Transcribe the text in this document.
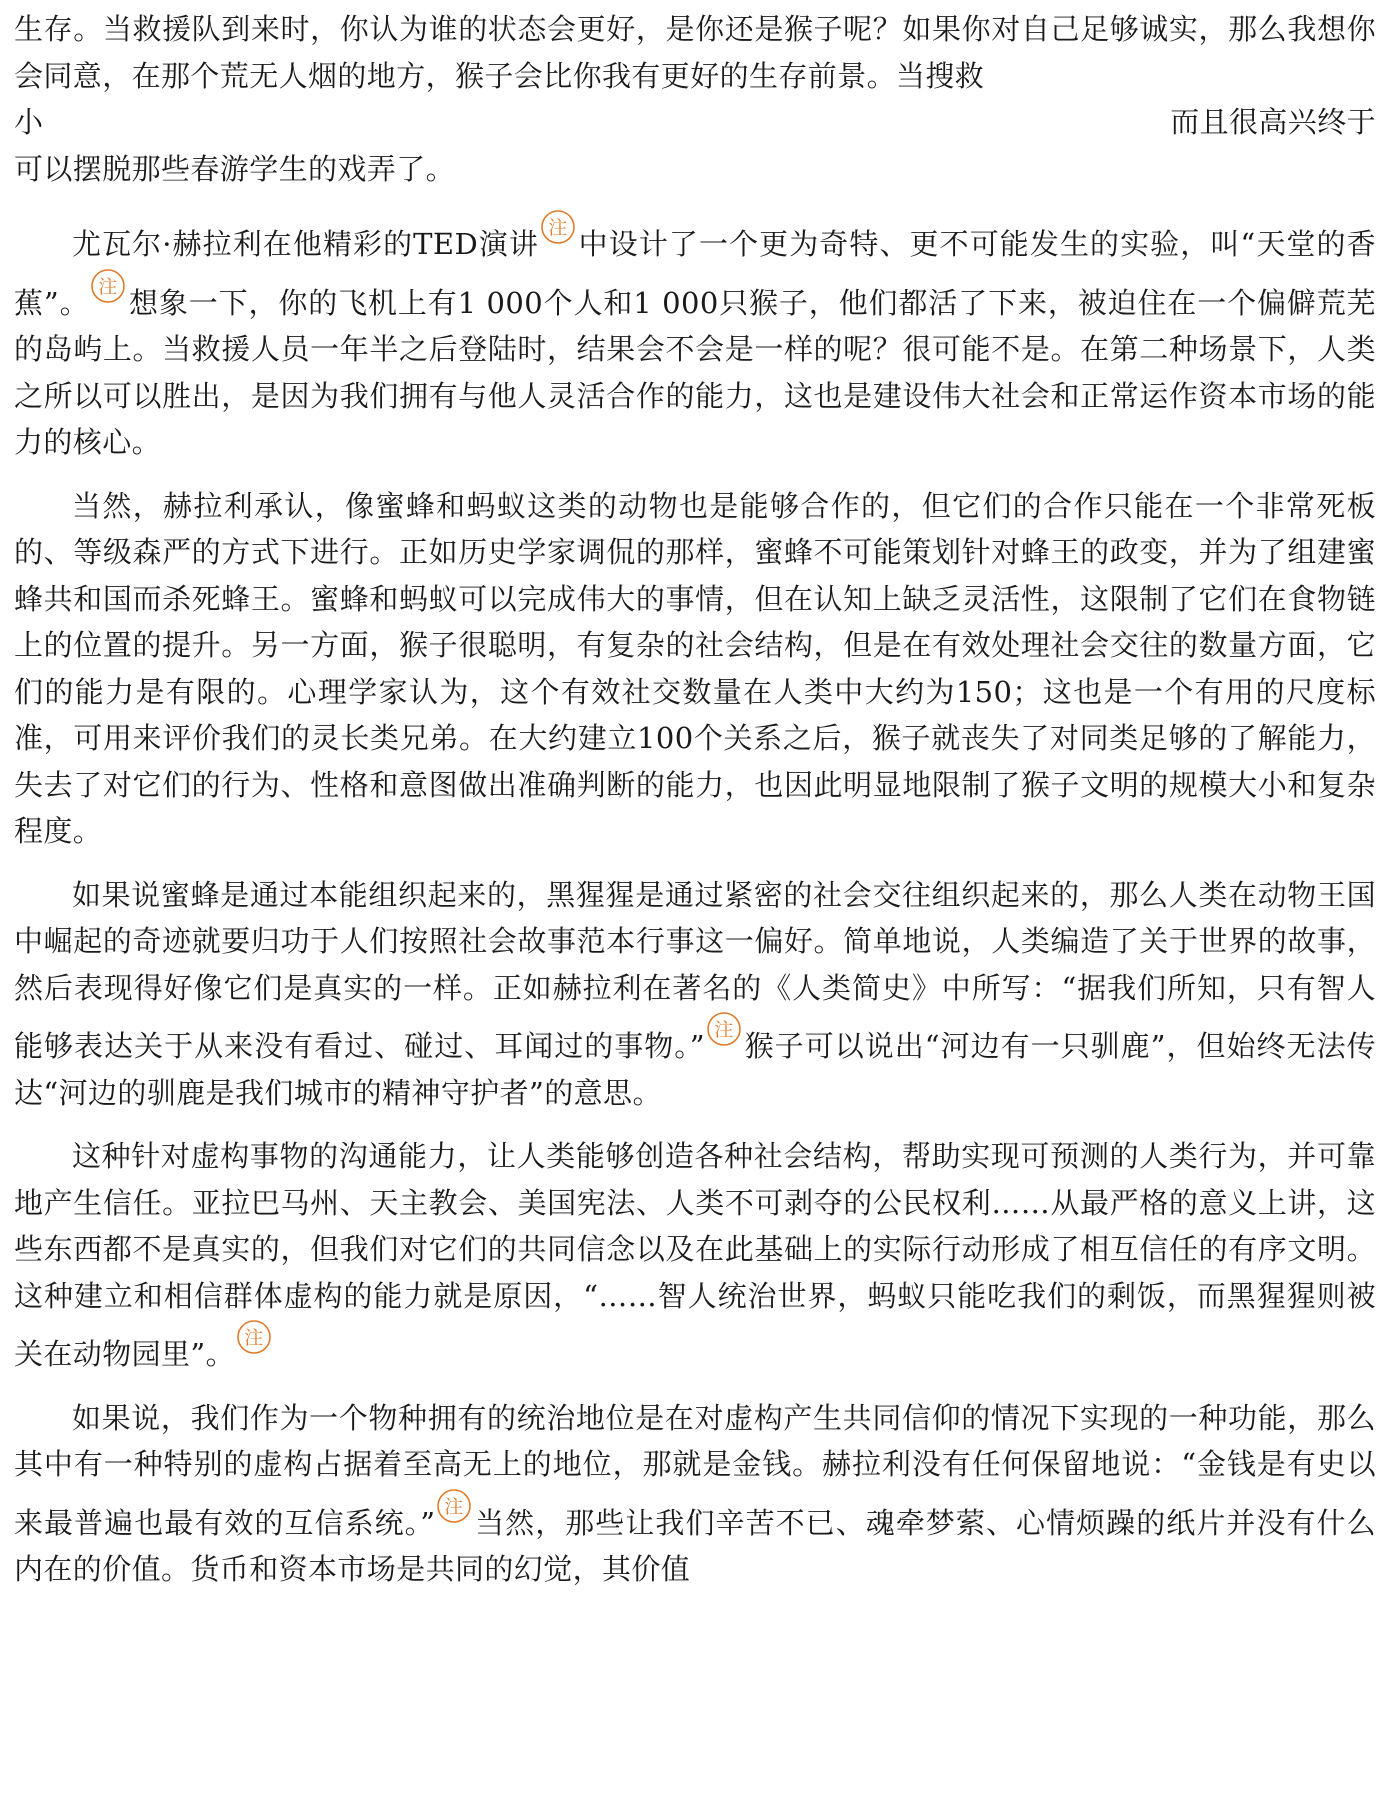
生存。当救援队到来时，你认为谁的状态会更好，是你还是猴子呢？如果你对自己足够诚实，那么我想你会同意，在那个荒无人烟的地方，猴子会比你我有更好的生存前景。当搜救
小	而且很高兴终于
可以摆脱那些春游学生的戏弄了。

尤瓦尔·赫拉利在他精彩的TED演讲 注 中设计了一个更为奇特、更不可能发生的实验，叫“天堂的香蕉”。 注 想象一下，你的飞机上有1 000个人和1 000只猴子，他们都活了下来，被迫住在一个偏僻荒芜的岛屿上。当救援人员一年半之后登陆时，结果会不会是一样的呢？很可能不是。在第二种场景下，人类之所以可以胜出，是因为我们拥有与他人灵活合作的能力，这也是建设伟大社会和正常运作资本市场的能力的核心。

当然，赫拉利承认，像蜜蜂和蚂蚁这类的动物也是能够合作的，但它们的合作只能在一个非常死板的、等级森严的方式下进行。正如历史学家调侃的那样，蜜蜂不可能策划针对蜂王的政变，并为了组建蜜蜂共和国而杀死蜂王。蜜蜂和蚂蚁可以完成伟大的事情，但在认知上缺乏灵活性，这限制了它们在食物链上的位置的提升。另一方面，猴子很聪明，有复杂的社会结构，但是在有效处理社会交往的数量方面，它们的能力是有限的。心理学家认为，这个有效社交数量在人类中大约为150；这也是一个有用的尺度标准，可用来评价我们的灵长类兄弟。在大约建立100个关系之后，猴子就丧失了对同类足够的了解能力，失去了对它们的行为、性格和意图做出准确判断的能力，也因此明显地限制了猴子文明的规模大小和复杂程度。

如果说蜜蜂是通过本能组织起来的，黑猩猩是通过紧密的社会交往组织起来的，那么人类在动物王国中崛起的奇迹就要归功于人们按照社会故事范本行事这一偏好。简单地说，人类编造了关于世界的故事，然后表现得好像它们是真实的一样。正如赫拉利在著名的《人类简史》中所写：“据我们所知，只有智人能够表达关于从来没有看过、碰过、耳闻过的事物。” 注 猴子可以说出“河边有一只驯鹿”，但始终无法传达“河边的驯鹿是我们城市的精神守护者”的意思。

这种针对虚构事物的沟通能力，让人类能够创造各种社会结构，帮助实现可预测的人类行为，并可靠地产生信任。亚拉巴马州、天主教会、美国宪法、人类不可剥夺的公民权利……从最严格的意义上讲，这些东西都不是真实的，但我们对它们的共同信念以及在此基础上的实际行动形成了相互信任的有序文明。这种建立和相信群体虚构的能力就是原因，“……智人统治世界，蚂蚁只能吃我们的剩饭，而黑猩猩则被关在动物园里”。 注

如果说，我们作为一个物种拥有的统治地位是在对虚构产生共同信仰的情况下实现的一种功能，那么其中有一种特别的虚构占据着至高无上的地位，那就是金钱。赫拉利没有任何保留地说：“金钱是有史以来最普遍也最有效的互信系统。” 注 当然，那些让我们辛苦不已、魂牵梦萦、心情烦躁的纸片并没有什么内在的价值。货币和资本市场是共同的幻觉，其价值
